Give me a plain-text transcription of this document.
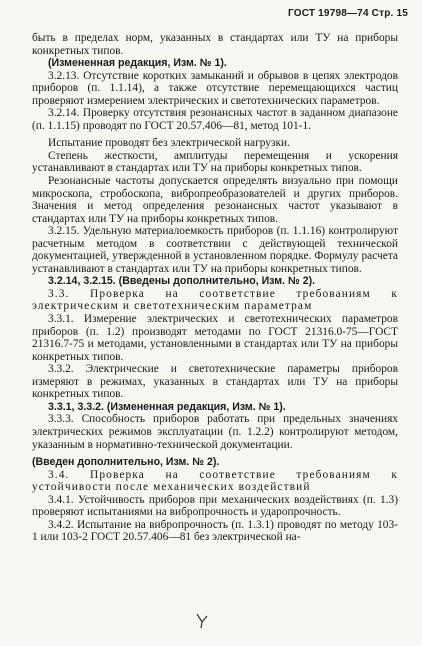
ГОСТ 19798—74 Стр. 15

быть в пределах норм, указанных в стандартах или ТУ на приборы конкретных типов.

(Измененная редакция, Изм. № 1).

3.2.13. Отсутствие коротких замыканий и обрывов в цепях электродов приборов (п. 1.1.14), а также отсутствие перемещающихся частиц проверяют измерением электрических и светотехнических параметров.

3.2.14. Проверку отсутствия резонансных частот в заданном диапазоне (п. 1.1.15) проводят по ГОСТ 20.57.406—81, метод 101-1.

Испытание проводят без электрической нагрузки.

Степень жесткости, амплитуды перемещения и ускорения устанавливают в стандартах или ТУ на приборы конкретных типов.

Резонансные частоты допускается определять визуально при помощи микроскопа, стробоскопа, вибропреобразователей и других приборов. Значения и метод определения резонансных частот указывают в стандартах или ТУ на приборы конкретных типов.

3.2.15. Удельную материалоемкость приборов (п. 1.1.16) контролируют расчетным методом в соответствии с действующей технической документацией, утвержденной в установленном порядке. Формулу расчета устанавливают в стандартах или ТУ на приборы конкретных типов.

3.2.14, 3.2.15. (Введены дополнительно, Изм. № 2).

3.3. Проверка на соответствие требованиям к электрическим и светотехническим параметрам

3.3.1. Измерение электрических и светотехнических параметров приборов (п. 1.2) производят методами по ГОСТ 21316.0-75—ГОСТ 21316.7-75 и методами, установленными в стандартах или ТУ на приборы конкретных типов.

3.3.2. Электрические и светотехнические параметры приборов измеряют в режимах, указанных в стандартах или ТУ на приборы конкретных типов.

3.3.1, 3.3.2. (Измененная редакция, Изм. № 1).

3.3.3. Способность приборов работать при предельных значениях электрических режимов эксплуатации (п. 1.2.2) контролируют методом, указанным в нормативно-технической документации.

(Введен дополнительно, Изм. № 2).

3.4. Проверка на соответствие требованиям к устойчивости после механических воздействий

3.4.1. Устойчивость приборов при механических воздействиях (п. 1.3) проверяют испытаниями на вибропрочность и ударопрочность.

3.4.2. Испытание на вибропрочность (п. 1.3.1) проводят по методу 103-1 или 103-2 ГОСТ 20.57.406—81 без электрической на-
